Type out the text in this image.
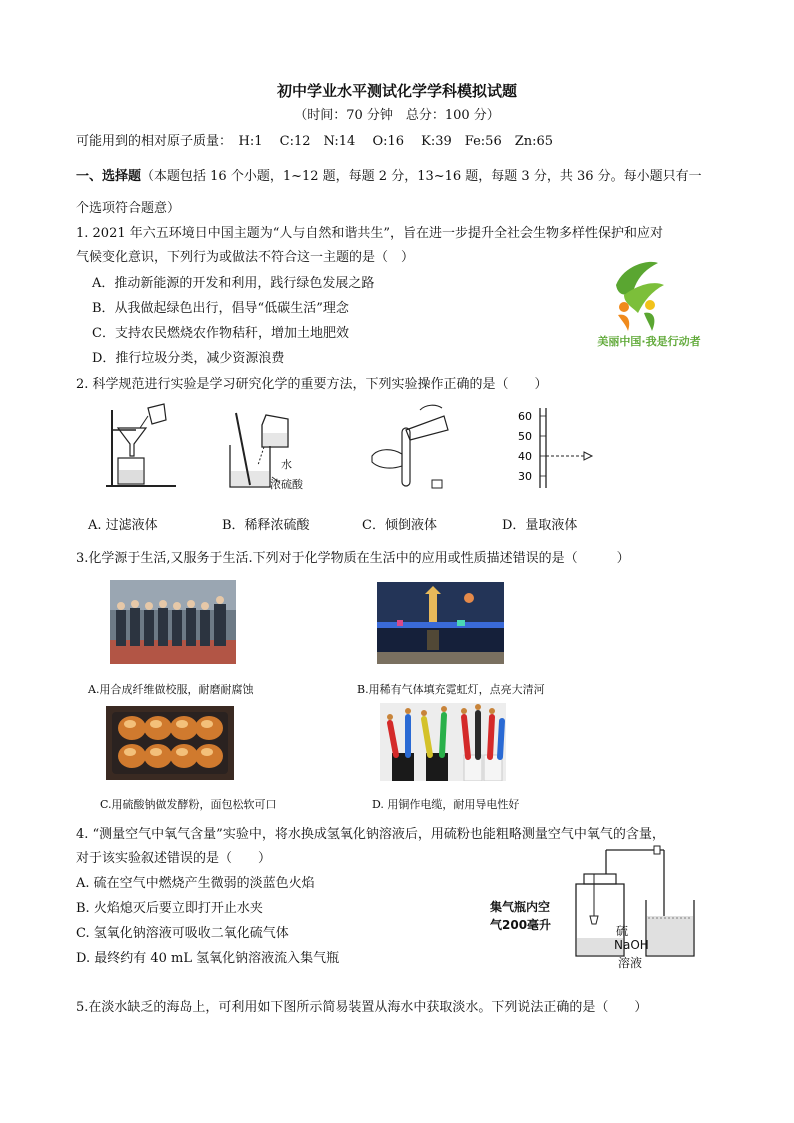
初中学业水平测试化学学科模拟试题
（时间：70 分钟　总分：100 分）
可能用到的相对原子质量：　H:1　 C:12　N:14　 O:16　 K:39　Fe:56　Zn:65
一、选择题（本题包括 16 个小题，1~12 题，每题 2 分，13~16 题，每题 3 分，共 36 分。每小题只有一
个选项符合题意）
1. 2021 年六五环境日中国主题为“人与自然和谐共生”，旨在进一步提升全社会生物多样性保护和应对
气候变化意识，下列行为或做法不符合这一主题的是（　）
A．推动新能源的开发和利用，践行绿色发展之路
B．从我做起绿色出行，倡导“低碳生活”理念
C．支持农民燃烧农作物秸秆，增加土地肥效
D．推行垃圾分类，减少资源浪费
美丽中国·我是行动者
2. 科学规范进行实验是学习研究化学的重要方法，下列实验操作正确的是（　　）
水
浓硫酸
60
50
40
30
A. 过滤液体	B．稀释浓硫酸	C．倾倒液体	D．量取液体
3.化学源于生活,又服务于生活.下列对于化学物质在生活中的应用或性质描述错误的是（　　　）
A.用合成纤维做校服，耐磨耐腐蚀	B.用稀有气体填充霓虹灯，点亮大清河
C.用硫酸钠做发酵粉，面包松软可口	D. 用铜作电缆，耐用导电性好
4. “测量空气中氧气含量”实验中，将水换成氢氧化钠溶液后，用硫粉也能粗略测量空气中氧气的含量，
对于该实验叙述错误的是（　　）
A. 硫在空气中燃烧产生微弱的淡蓝色火焰
B. 火焰熄灭后要立即打开止水夹
C. 氢氧化钠溶液可吸收二氧化硫气体
D. 最终约有 40 mL 氢氧化钠溶液流入集气瓶
集气瓶内空
气200毫升	硫
NaOH
溶液
5.在淡水缺乏的海岛上，可利用如下图所示简易装置从海水中获取淡水。下列说法正确的是（　　）
